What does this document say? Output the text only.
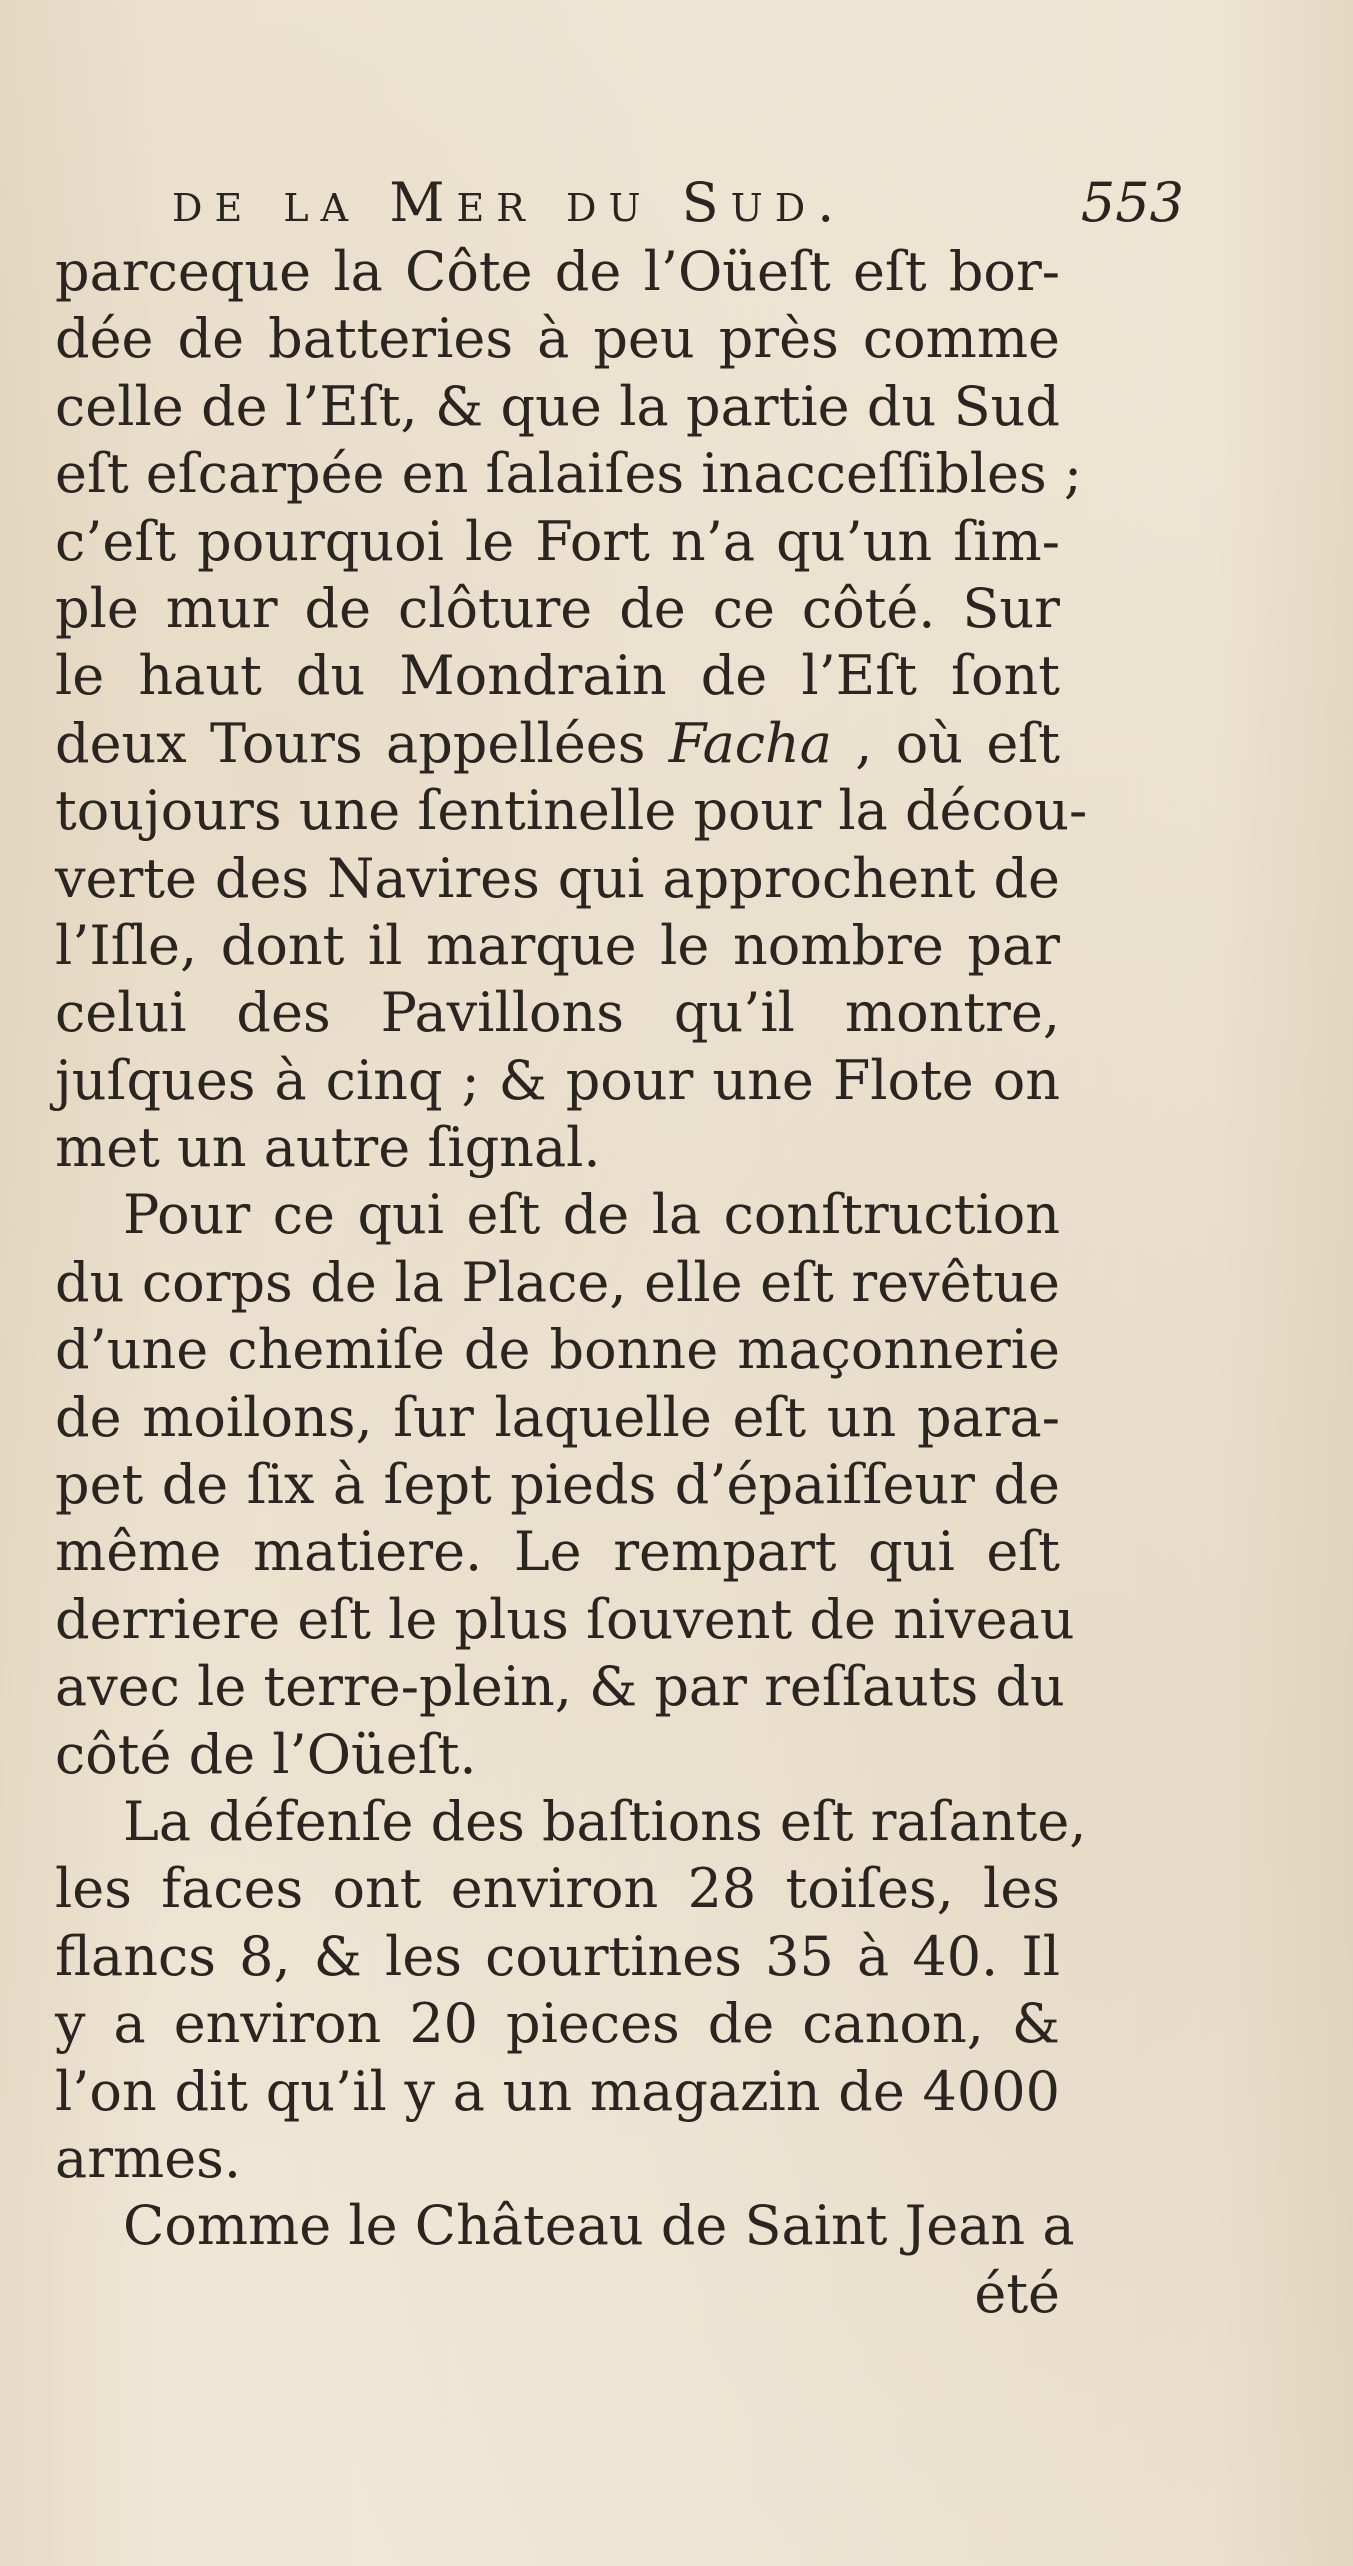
de la Mer du Sud.	553

parceque la Côte de l’Oüeſt eſt bor-
dée de batteries à peu près comme
celle de l’Eſt, & que la partie du Sud
eſt eſcarpée en ſalaiſes inacceſſibles ;
c’eſt pourquoi le Fort n’a qu’un ſim-
ple mur de clôture de ce côté. Sur
le haut du Mondrain de l’Eſt ſont
deux Tours appellées Facha , où eſt
toujours une ſentinelle pour la décou-
verte des Navires qui approchent de
l’Iſle, dont il marque le nombre par
celui des Pavillons qu’il montre,
juſques à cinq ; & pour une Flote on
met un autre ſignal.

Pour ce qui eſt de la conſtruction
du corps de la Place, elle eſt revêtue
d’une chemiſe de bonne maçonnerie
de moilons, ſur laquelle eſt un para-
pet de ſix à ſept pieds d’épaiſſeur de
même matiere. Le rempart qui eſt
derriere eſt le plus ſouvent de niveau
avec le terre-plein, & par reſſauts du
côté de l’Oüeſt.

La défenſe des baſtions eſt raſante,
les faces ont environ 28 toiſes, les
flancs 8, & les courtines 35 à 40. Il
y a environ 20 pieces de canon, &
l’on dit qu’il y a un magazin de 4000
armes.

Comme le Château de Saint Jean a

été
